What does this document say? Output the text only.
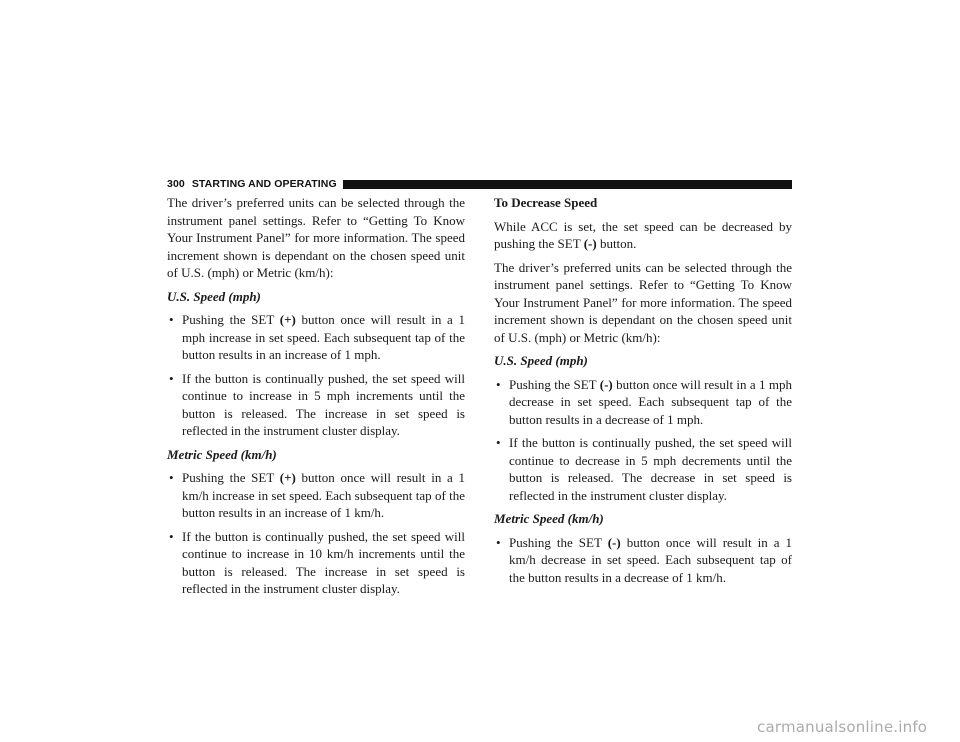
300 STARTING AND OPERATING

The driver’s preferred units can be selected through the instrument panel settings. Refer to “Getting To Know Your Instrument Panel” for more information. The speed increment shown is dependant on the chosen speed unit of U.S. (mph) or Metric (km/h):

U.S. Speed (mph)

• Pushing the SET (+) button once will result in a 1 mph increase in set speed. Each subsequent tap of the button results in an increase of 1 mph.
• If the button is continually pushed, the set speed will continue to increase in 5 mph increments until the button is released. The increase in set speed is reflected in the instrument cluster display.

Metric Speed (km/h)

• Pushing the SET (+) button once will result in a 1 km/h increase in set speed. Each subsequent tap of the button results in an increase of 1 km/h.
• If the button is continually pushed, the set speed will continue to increase in 10 km/h increments until the button is released. The increase in set speed is reflected in the instrument cluster display.

To Decrease Speed

While ACC is set, the set speed can be decreased by pushing the SET (-) button.

The driver’s preferred units can be selected through the instrument panel settings. Refer to “Getting To Know Your Instrument Panel” for more information. The speed increment shown is dependant on the chosen speed unit of U.S. (mph) or Metric (km/h):

U.S. Speed (mph)

• Pushing the SET (-) button once will result in a 1 mph decrease in set speed. Each subsequent tap of the button results in a decrease of 1 mph.
• If the button is continually pushed, the set speed will continue to decrease in 5 mph decrements until the button is released. The decrease in set speed is reflected in the instrument cluster display.

Metric Speed (km/h)

• Pushing the SET (-) button once will result in a 1 km/h decrease in set speed. Each subsequent tap of the button results in a decrease of 1 km/h.
carmanualsonline.info
